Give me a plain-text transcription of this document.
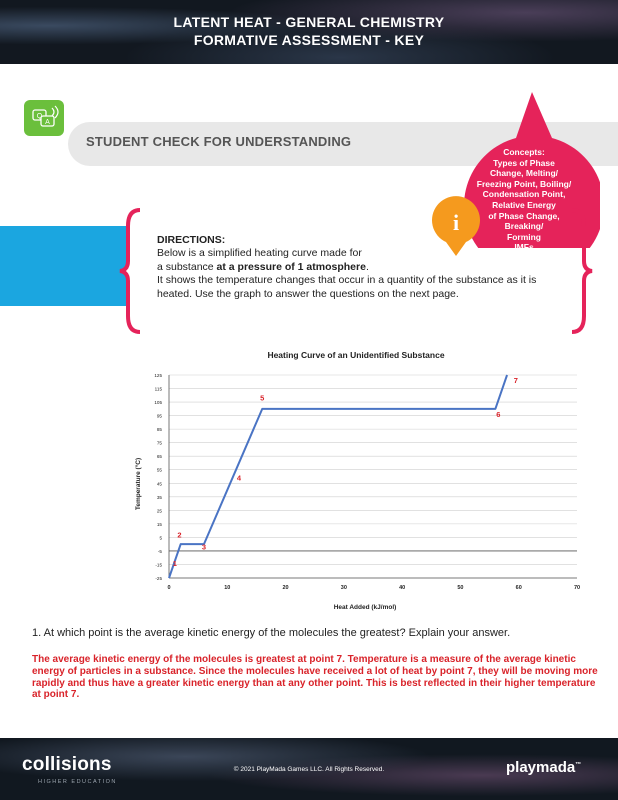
LATENT HEAT - GENERAL CHEMISTRY
FORMATIVE ASSESSMENT - KEY
Q
A
STUDENT CHECK FOR UNDERSTANDING
Concepts:
Types of Phase
Change, Melting/
Freezing Point, Boiling/
Condensation Point,
Relative Energy
of Phase Change,
Breaking/
Forming
IMFs
i
DIRECTIONS:
Below is a simplified heating curve made for
a substance at a pressure of 1 atmosphere.
It shows the temperature changes that occur in a quantity of the substance as it is heated. Use the graph to answer the questions on the next page.
Heating Curve of an Unidentified Substance
125
115
105
95
85
75
65
55
45
35
25
15
5
-5
-15
-25
0	10	20	30	40	50	60	70
1
2
3
4
5
6
7
Heat Added (kJ/mol)
Temperature (°C)
1. At which point is the average kinetic energy of the molecules the greatest? Explain your answer.
The average kinetic energy of the molecules is greatest at point 7. Temperature is a measure of the average kinetic energy of particles in a substance. Since the molecules have received a lot of heat by point 7, they will be moving more rapidly and thus have a greater kinetic energy than at any other point. This is best reflected in their higher temperature at point 7.
collisions
HIGHER EDUCATION
© 2021 PlayMada Games LLC. All Rights Reserved.	playmada™
